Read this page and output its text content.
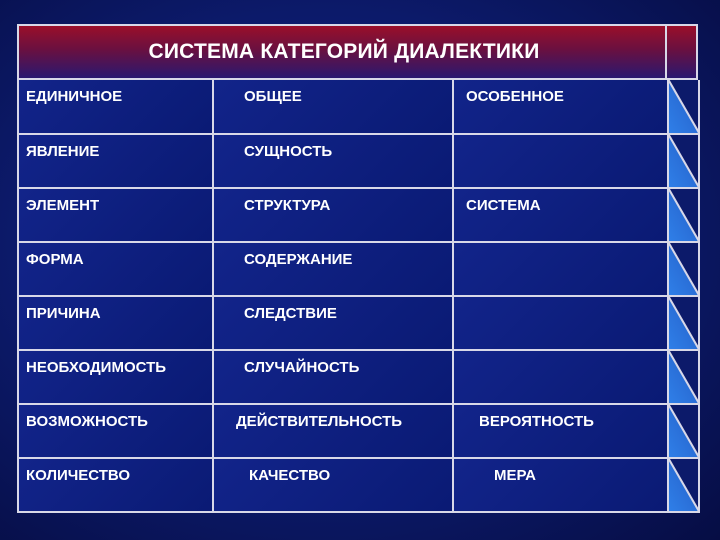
СИСТЕМА КАТЕГОРИЙ ДИАЛЕКТИКИ
ЕДИНИЧНОЕ	ОБЩЕЕ	ОСОБЕННОЕ	

ЯВЛЕНИЕ	СУЩНОСТЬ		

ЭЛЕМЕНТ	СТРУКТУРА	СИСТЕМА	

ФОРМА	СОДЕРЖАНИЕ		

ПРИЧИНА	СЛЕДСТВИЕ		

НЕОБХОДИМОСТЬ	СЛУЧАЙНОСТЬ		

ВОЗМОЖНОСТЬ	ДЕЙСТВИТЕЛЬНОСТЬ	ВЕРОЯТНОСТЬ	

КОЛИЧЕСТВО	КАЧЕСТВО	МЕРА	
